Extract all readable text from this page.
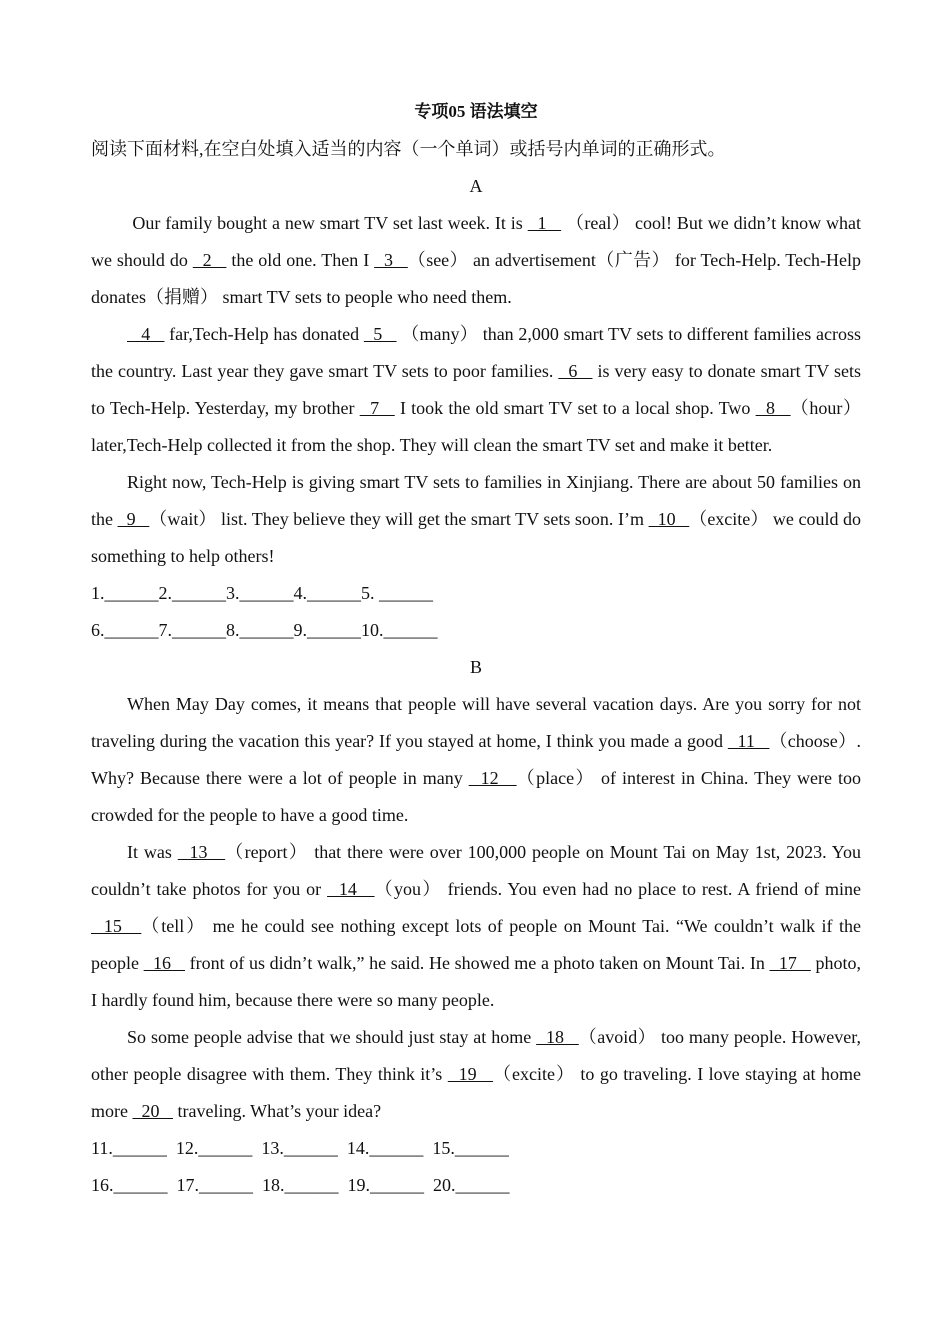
专项05 语法填空

阅读下面材料,在空白处填入适当的内容（一个单词）或括号内单词的正确形式。

A

Our family bought a new smart TV set last week. It is   1    （real） cool! But we didn’t know what we should do   2    the old one. Then I   3   （see） an advertisement（广告） for Tech-Help. Tech-Help donates（捐赠） smart TV sets to people who need them.

4    far,Tech-Help has donated   5    （many） than 2,000 smart TV sets to different families across the country. Last year they gave smart TV sets to poor families.   6    is very easy to donate smart TV sets to Tech-Help. Yesterday, my brother   7    I took the old smart TV set to a local shop. Two   8   （hour） later,Tech-Help collected it from the shop. They will clean the smart TV set and make it better.

Right now, Tech-Help is giving smart TV sets to families in Xinjiang. There are about 50 families on the   9   （wait） list. They believe they will get the smart TV sets soon. I’m   10   （excite） we could do something to help others!

1.______2.______3.______4.______5. ______

6.______7.______8.______9.______10.______

B

When May Day comes, it means that people will have several vacation days. Are you sorry for not traveling during the vacation this year? If you stayed at home, I think you made a good   11   （choose）. Why? Because there were a lot of people in many   12   （place） of interest in China. They were too crowded for the people to have a good time.

It was   13   （report） that there were over 100,000 people on Mount Tai on May 1st, 2023. You couldn’t take photos for you or   14   （you） friends. You even had no place to rest. A friend of mine   15   （tell） me he could see nothing except lots of people on Mount Tai. “We couldn’t walk if the people   16    front of us didn’t walk,” he said. He showed me a photo taken on Mount Tai. In   17    photo, I hardly found him, because there were so many people.

So some people advise that we should just stay at home   18   （avoid） too many people. However, other people disagree with them. They think it’s   19   （excite） to go traveling. I love staying at home more   20    traveling. What’s your idea?

11.______  12.______  13.______  14.______  15.______

16.______  17.______  18.______  19.______  20.______
